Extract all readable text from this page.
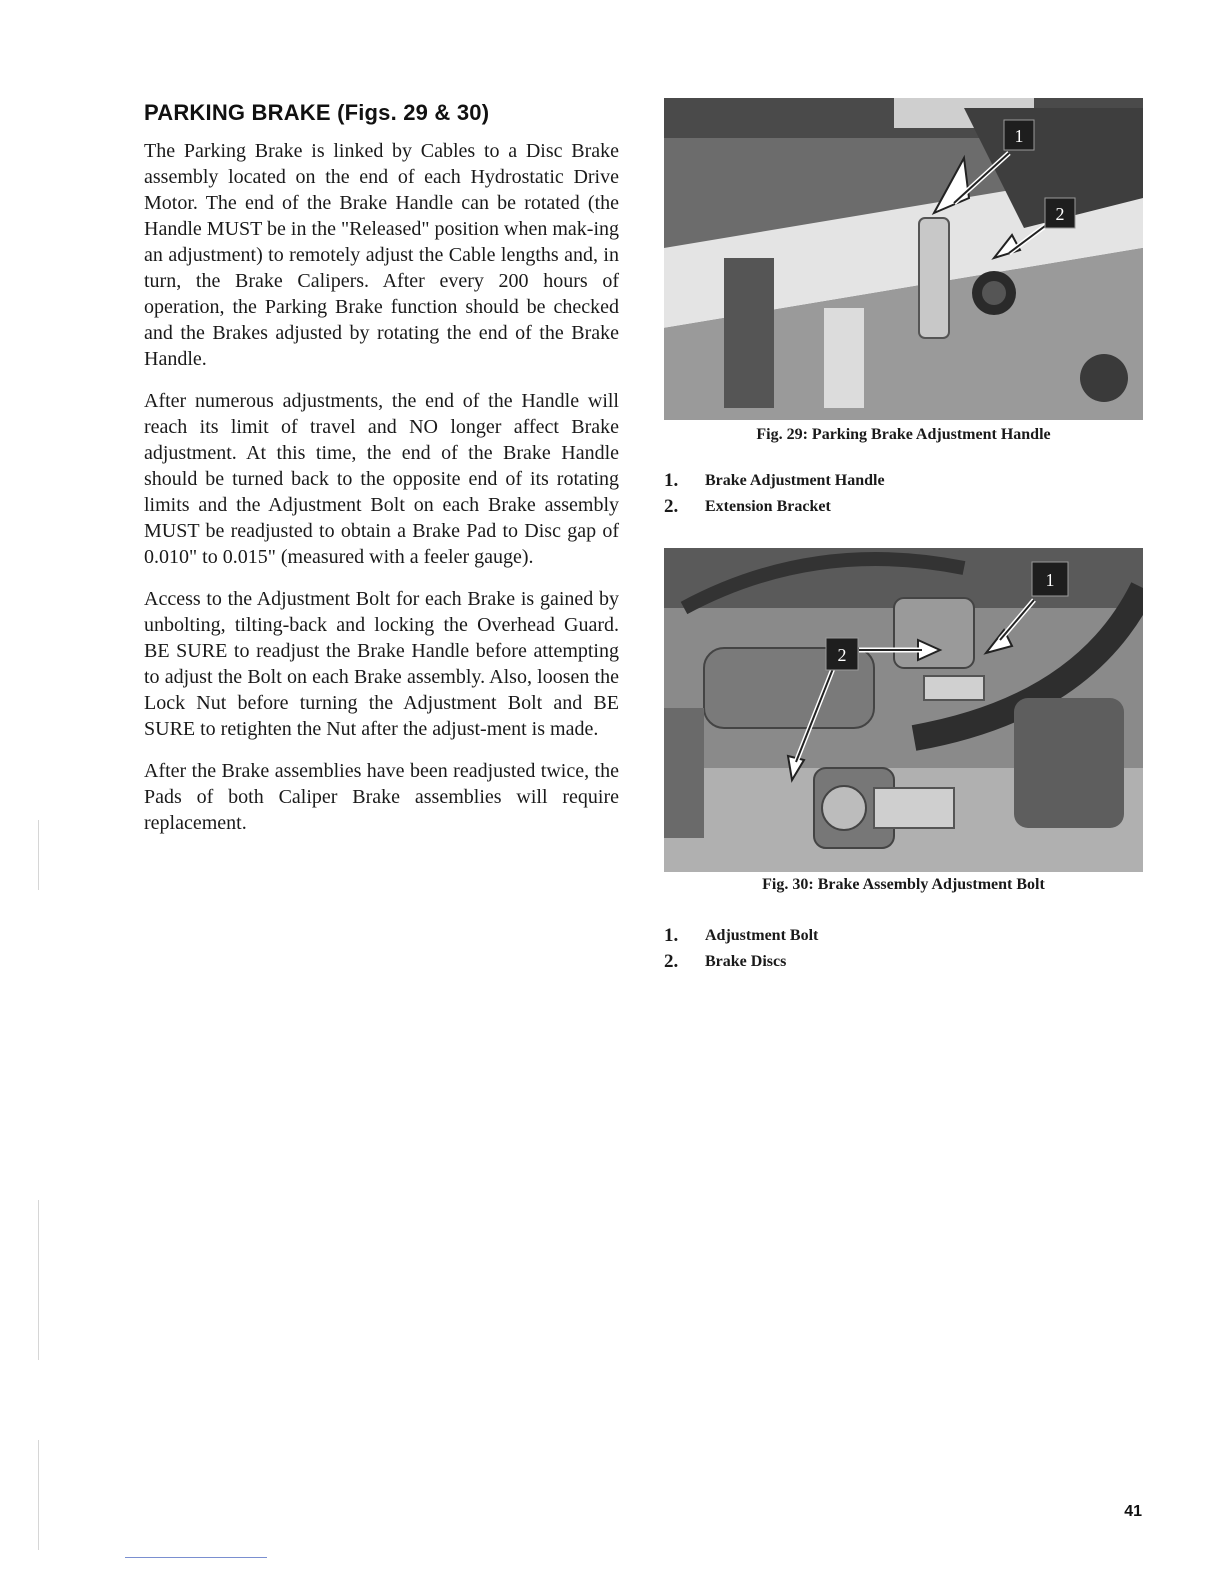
PARKING BRAKE (Figs. 29 & 30)

The Parking Brake is linked by Cables to a Disc Brake assembly located on the end of each Hydrostatic Drive Motor. The end of the Brake Handle can be rotated (the Handle MUST be in the "Released" position when mak-ing an adjustment) to remotely adjust the Cable lengths and, in turn, the Brake Calipers. After every 200 hours of operation, the Parking Brake function should be checked and the Brakes adjusted by rotating the end of the Brake Handle.

After numerous adjustments, the end of the Handle will reach its limit of travel and NO longer affect Brake adjustment. At this time, the end of the Brake Handle should be turned back to the opposite end of its rotating limits and the Adjustment Bolt on each Brake assembly MUST be readjusted to obtain a Brake Pad to Disc gap of 0.010" to 0.015" (measured with a feeler gauge).

Access to the Adjustment Bolt for each Brake is gained by unbolting, tilting-back and locking the Overhead Guard. BE SURE to readjust the Brake Handle before attempting to adjust the Bolt on each Brake assembly. Also, loosen the Lock Nut before turning the Adjustment Bolt and BE SURE to retighten the Nut after the adjust-ment is made.

After the Brake assemblies have been readjusted twice, the Pads of both Caliper Brake assemblies will require replacement.

1
2
Fig. 29: Parking Brake Adjustment Handle
1.	Brake Adjustment Handle
2.	Extension Bracket
1
2
Fig. 30: Brake Assembly Adjustment Bolt
1.	Adjustment Bolt
2.	Brake Discs
41
